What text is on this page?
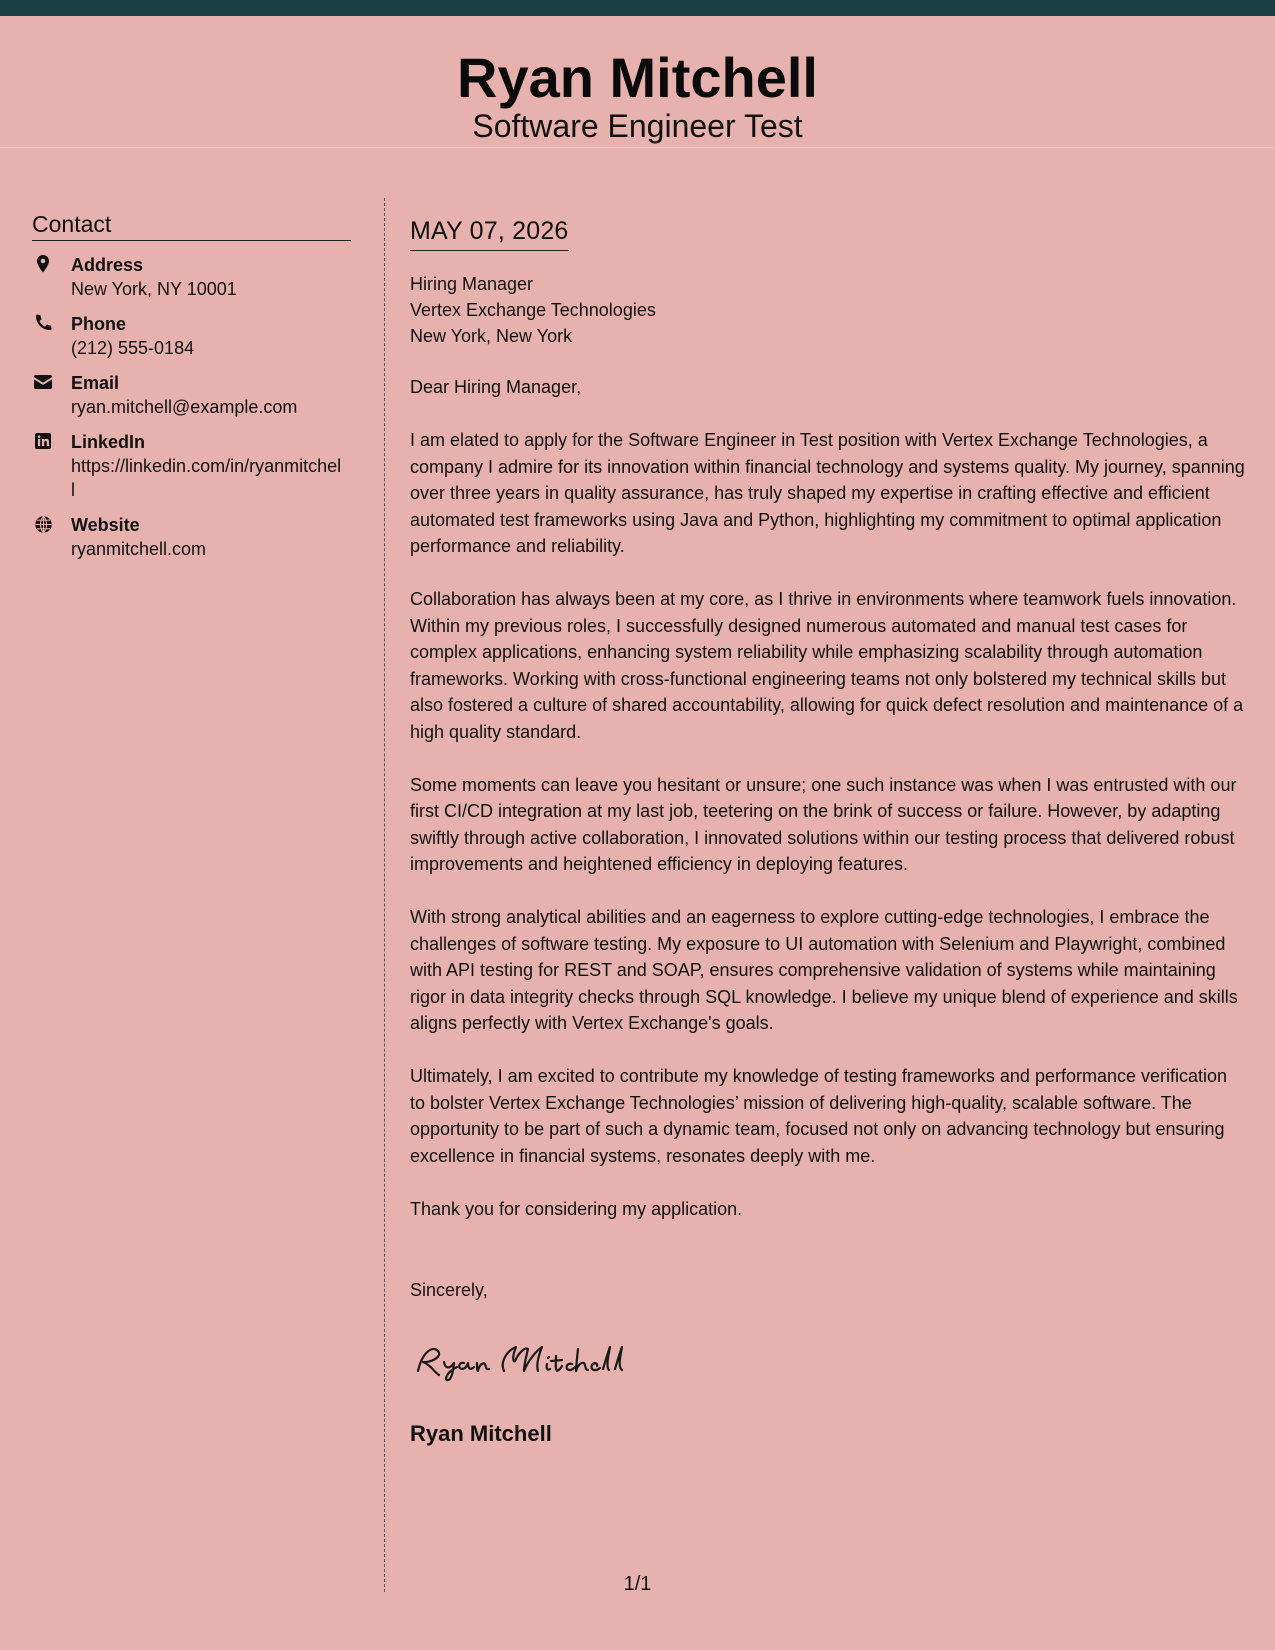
Ryan Mitchell
Software Engineer Test
Contact
Address
New York, NY 10001
Phone
(212) 555-0184
Email
ryan.mitchell@example.com
LinkedIn
https://linkedin.com/in/ryanmitchell
Website
ryanmitchell.com
MAY 07, 2026
Hiring Manager
Vertex Exchange Technologies
New York, New York

Dear Hiring Manager,

I am elated to apply for the Software Engineer in Test position with Vertex Exchange Technologies, a company I admire for its innovation within financial technology and systems quality. My journey, spanning over three years in quality assurance, has truly shaped my expertise in crafting effective and efficient automated test frameworks using Java and Python, highlighting my commitment to optimal application performance and reliability.

Collaboration has always been at my core, as I thrive in environments where teamwork fuels innovation. Within my previous roles, I successfully designed numerous automated and manual test cases for complex applications, enhancing system reliability while emphasizing scalability through automation frameworks. Working with cross-functional engineering teams not only bolstered my technical skills but also fostered a culture of shared accountability, allowing for quick defect resolution and maintenance of a high quality standard.

Some moments can leave you hesitant or unsure; one such instance was when I was entrusted with our first CI/CD integration at my last job, teetering on the brink of success or failure. However, by adapting swiftly through active collaboration, I innovated solutions within our testing process that delivered robust improvements and heightened efficiency in deploying features.

With strong analytical abilities and an eagerness to explore cutting-edge technologies, I embrace the challenges of software testing. My exposure to UI automation with Selenium and Playwright, combined with API testing for REST and SOAP, ensures comprehensive validation of systems while maintaining rigor in data integrity checks through SQL knowledge. I believe my unique blend of experience and skills aligns perfectly with Vertex Exchange's goals.

Ultimately, I am excited to contribute my knowledge of testing frameworks and performance verification to bolster Vertex Exchange Technologies’ mission of delivering high-quality, scalable software. The opportunity to be part of such a dynamic team, focused not only on advancing technology but ensuring excellence in financial systems, resonates deeply with me.

Thank you for considering my application.

Sincerely,
Ryan Mitchell
1/1
